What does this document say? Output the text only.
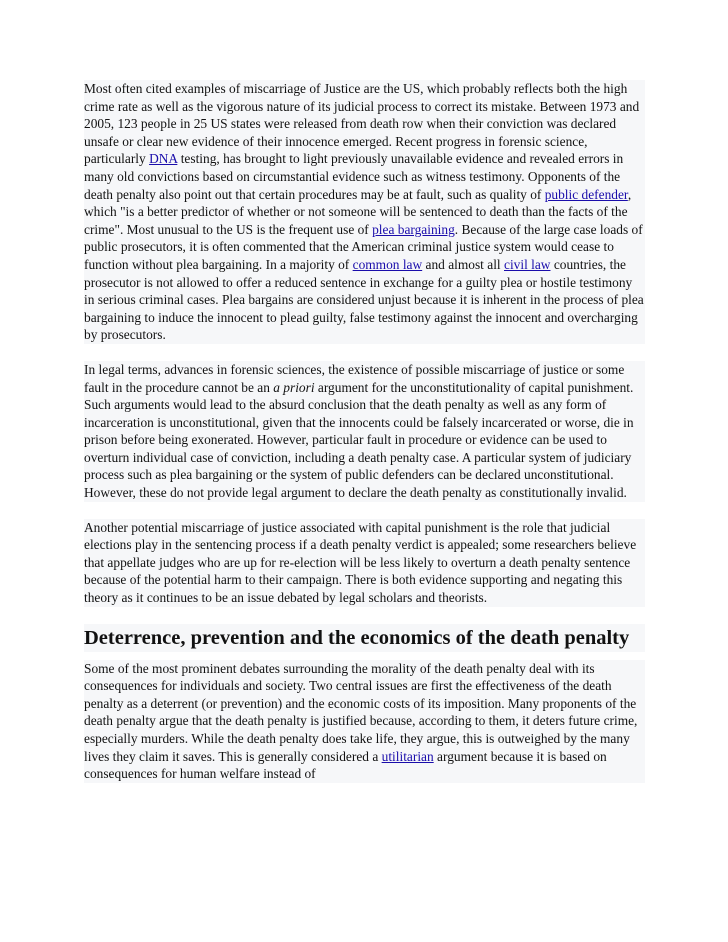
Most often cited examples of miscarriage of Justice are the US, which probably reflects both the high crime rate as well as the vigorous nature of its judicial process to correct its mistake. Between 1973 and 2005, 123 people in 25 US states were released from death row when their conviction was declared unsafe or clear new evidence of their innocence emerged. Recent progress in forensic science, particularly DNA testing, has brought to light previously unavailable evidence and revealed errors in many old convictions based on circumstantial evidence such as witness testimony. Opponents of the death penalty also point out that certain procedures may be at fault, such as quality of public defender, which "is a better predictor of whether or not someone will be sentenced to death than the facts of the crime". Most unusual to the US is the frequent use of plea bargaining. Because of the large case loads of public prosecutors, it is often commented that the American criminal justice system would cease to function without plea bargaining. In a majority of common law and almost all civil law countries, the prosecutor is not allowed to offer a reduced sentence in exchange for a guilty plea or hostile testimony in serious criminal cases. Plea bargains are considered unjust because it is inherent in the process of plea bargaining to induce the innocent to plead guilty, false testimony against the innocent and overcharging by prosecutors.

In legal terms, advances in forensic sciences, the existence of possible miscarriage of justice or some fault in the procedure cannot be an a priori argument for the unconstitutionality of capital punishment. Such arguments would lead to the absurd conclusion that the death penalty as well as any form of incarceration is unconstitutional, given that the innocents could be falsely incarcerated or worse, die in prison before being exonerated. However, particular fault in procedure or evidence can be used to overturn individual case of conviction, including a death penalty case. A particular system of judiciary process such as plea bargaining or the system of public defenders can be declared unconstitutional. However, these do not provide legal argument to declare the death penalty as constitutionally invalid.

Another potential miscarriage of justice associated with capital punishment is the role that judicial elections play in the sentencing process if a death penalty verdict is appealed; some researchers believe that appellate judges who are up for re-election will be less likely to overturn a death penalty sentence because of the potential harm to their campaign. There is both evidence supporting and negating this theory as it continues to be an issue debated by legal scholars and theorists.

Deterrence, prevention and the economics of the death penalty

Some of the most prominent debates surrounding the morality of the death penalty deal with its consequences for individuals and society. Two central issues are first the effectiveness of the death penalty as a deterrent (or prevention) and the economic costs of its imposition. Many proponents of the death penalty argue that the death penalty is justified because, according to them, it deters future crime, especially murders. While the death penalty does take life, they argue, this is outweighed by the many lives they claim it saves. This is generally considered a utilitarian argument because it is based on consequences for human welfare instead of
